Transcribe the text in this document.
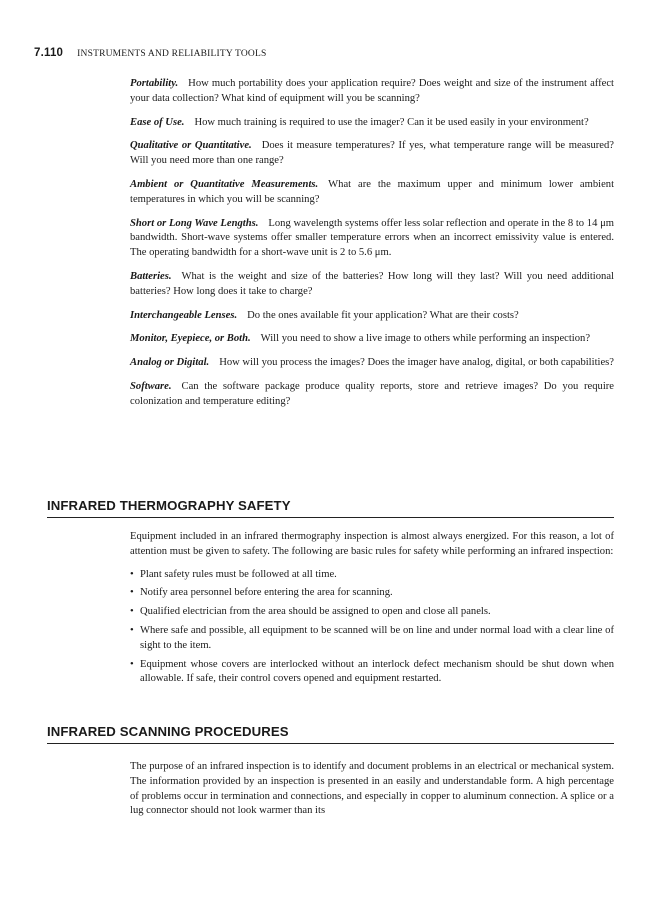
7.110 INSTRUMENTS AND RELIABILITY TOOLS

Portability. How much portability does your application require? Does weight and size of the instrument affect your data collection? What kind of equipment will you be scanning?

Ease of Use. How much training is required to use the imager? Can it be used easily in your environment?

Qualitative or Quantitative. Does it measure temperatures? If yes, what temperature range will be measured? Will you need more than one range?

Ambient or Quantitative Measurements. What are the maximum upper and minimum lower ambient temperatures in which you will be scanning?

Short or Long Wave Lengths. Long wavelength systems offer less solar reflection and operate in the 8 to 14 μm bandwidth. Short-wave systems offer smaller temperature errors when an incorrect emissivity value is entered. The operating bandwidth for a short-wave unit is 2 to 5.6 μm.

Batteries. What is the weight and size of the batteries? How long will they last? Will you need additional batteries? How long does it take to charge?

Interchangeable Lenses. Do the ones available fit your application? What are their costs?

Monitor, Eyepiece, or Both. Will you need to show a live image to others while performing an inspection?

Analog or Digital. How will you process the images? Does the imager have analog, digital, or both capabilities?

Software. Can the software package produce quality reports, store and retrieve images? Do you require colonization and temperature editing?

INFRARED THERMOGRAPHY SAFETY

Equipment included in an infrared thermography inspection is almost always energized. For this reason, a lot of attention must be given to safety. The following are basic rules for safety while performing an infrared inspection:

• Plant safety rules must be followed at all time.
• Notify area personnel before entering the area for scanning.
• Qualified electrician from the area should be assigned to open and close all panels.
• Where safe and possible, all equipment to be scanned will be on line and under normal load with a clear line of sight to the item.
• Equipment whose covers are interlocked without an interlock defect mechanism should be shut down when allowable. If safe, their control covers opened and equipment restarted.
INFRARED SCANNING PROCEDURES

The purpose of an infrared inspection is to identify and document problems in an electrical or mechanical system. The information provided by an inspection is presented in an easily and understandable form. A high percentage of problems occur in termination and connections, and especially in copper to aluminum connection. A splice or a lug connector should not look warmer than its
